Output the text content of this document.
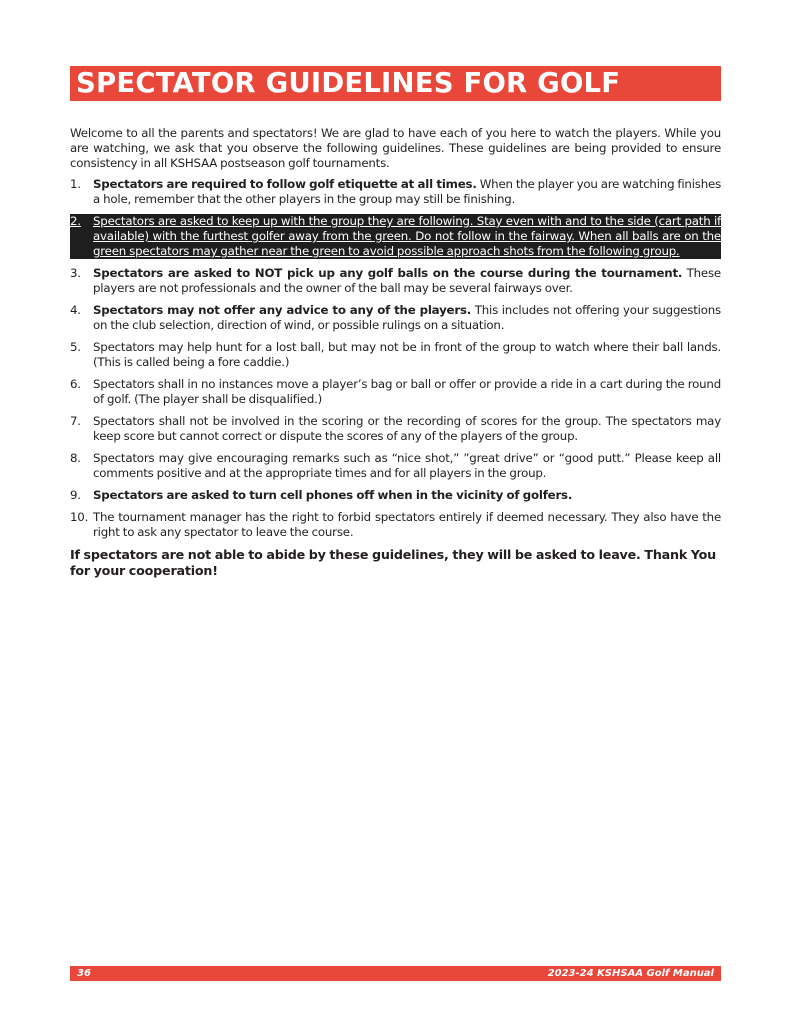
SPECTATOR GUIDELINES FOR GOLF

Welcome to all the parents and spectators! We are glad to have each of you here to watch the players. While you are watching, we ask that you observe the following guidelines. These guidelines are being provided to ensure consistency in all KSHSAA postseason golf tournaments.

1.	Spectators are required to follow golf etiquette at all times. When the player you are watching finishes a hole, remember that the other players in the group may still be finishing.
2.	Spectators are asked to keep up with the group they are following. Stay even with and to the side (cart path if available) with the furthest golfer away from the green. Do not follow in the fairway. When all balls are on the green spectators may gather near the green to avoid possible approach shots from the following group.
3.	Spectators are asked to NOT pick up any golf balls on the course during the tournament. These players are not professionals and the owner of the ball may be several fairways over.
4.	Spectators may not offer any advice to any of the players. This includes not offering your suggestions on the club selection, direction of wind, or possible rulings on a situation.
5.	Spectators may help hunt for a lost ball, but may not be in front of the group to watch where their ball lands. (This is called being a fore caddie.)
6.	Spectators shall in no instances move a player’s bag or ball or offer or provide a ride in a cart during the round of golf. (The player shall be disqualified.)
7.	Spectators shall not be involved in the scoring or the recording of scores for the group. The spectators may keep score but cannot correct or dispute the scores of any of the players of the group.
8.	Spectators may give encouraging remarks such as “nice shot,” ”great drive” or “good putt.” Please keep all comments positive and at the appropriate times and for all players in the group.
9.	Spectators are asked to turn cell phones off when in the vicinity of golfers.
10. The tournament manager has the right to forbid spectators entirely if deemed necessary. They also have the right to ask any spectator to leave the course.

If spectators are not able to abide by these guidelines, they will be asked to leave. Thank You for your cooperation!

36	2023-24 KSHSAA Golf Manual
